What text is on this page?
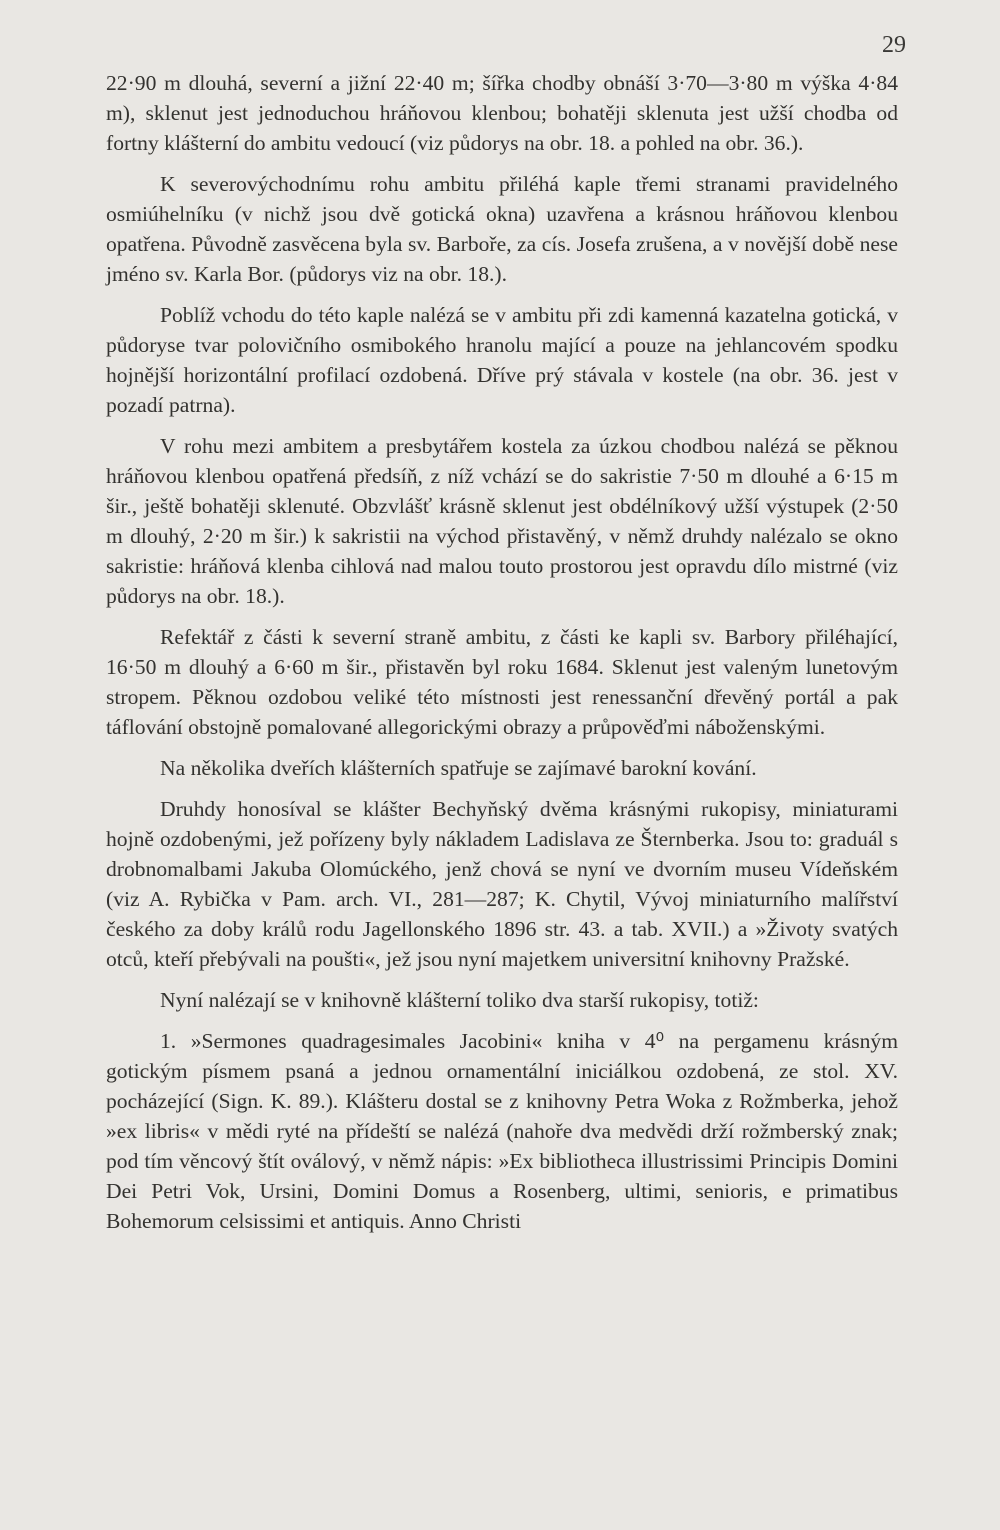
29

22·90 m dlouhá, severní a jižní 22·40 m; šířka chodby obnáší 3·70—3·80 m výška 4·84 m), sklenut jest jednoduchou hráňovou klenbou; bohatěji sklenuta jest užší chodba od fortny klášterní do ambitu vedoucí (viz půdorys na obr. 18. a pohled na obr. 36.).

K severovýchodnímu rohu ambitu přiléhá kaple třemi stranami pravidelného osmiúhelníku (v nichž jsou dvě gotická okna) uzavřena a krásnou hráňovou klenbou opatřena. Původně zasvěcena byla sv. Barboře, za cís. Josefa zrušena, a v novější době nese jméno sv. Karla Bor. (půdorys viz na obr. 18.).

Poblíž vchodu do této kaple nalézá se v ambitu při zdi kamenná kazatelna gotická, v půdoryse tvar polovičního osmibokého hranolu mající a pouze na jehlancovém spodku hojnější horizontální profilací ozdobená. Dříve prý stávala v kostele (na obr. 36. jest v pozadí patrna).

V rohu mezi ambitem a presbytářem kostela za úzkou chodbou nalézá se pěknou hráňovou klenbou opatřená předsíň, z níž vchází se do sakristie 7·50 m dlouhé a 6·15 m šir., ještě bohatěji sklenuté. Obzvlášť krásně sklenut jest obdélníkový užší výstupek (2·50 m dlouhý, 2·20 m šir.) k sakristii na východ přistavěný, v němž druhdy nalézalo se okno sakristie: hráňová klenba cihlová nad malou touto prostorou jest opravdu dílo mistrné (viz půdorys na obr. 18.).

Refektář z části k severní straně ambitu, z části ke kapli sv. Barbory přiléhající, 16·50 m dlouhý a 6·60 m šir., přistavěn byl roku 1684. Sklenut jest valeným lunetovým stropem. Pěknou ozdobou veliké této místnosti jest renessanční dřevěný portál a pak táflování obstojně pomalované allegorickými obrazy a průpověďmi náboženskými.

Na několika dveřích klášterních spatřuje se zajímavé barokní kování.

Druhdy honosíval se klášter Bechyňský dvěma krásnými rukopisy, miniaturami hojně ozdobenými, jež pořízeny byly nákladem Ladislava ze Šternberka. Jsou to: graduál s drobnomalbami Jakuba Olomúckého, jenž chová se nyní ve dvorním museu Vídeňském (viz A. Rybička v Pam. arch. VI., 281—287; K. Chytil, Vývoj miniaturního malířství českého za doby králů rodu Jagellonského 1896 str. 43. a tab. XVII.) a »Životy svatých otců, kteří přebývali na poušti«, jež jsou nyní majetkem universitní knihovny Pražské.

Nyní nalézají se v knihovně klášterní toliko dva starší rukopisy, totiž:

1. »Sermones quadragesimales Jacobini« kniha v 4⁰ na pergamenu krásným gotickým písmem psaná a jednou ornamentální iniciálkou ozdobená, ze stol. XV. pocházející (Sign. K. 89.). Klášteru dostal se z knihovny Petra Woka z Rožmberka, jehož »ex libris« v mědi ryté na přídeští se nalézá (nahoře dva medvědi drží rožmberský znak; pod tím věncový štít oválový, v němž nápis: »Ex bibliotheca illustrissimi Principis Domini Dei Petri Vok, Ursini, Domini Domus a Rosenberg, ultimi, senioris, e primatibus Bohemorum celsissimi et antiquis. Anno Christi
